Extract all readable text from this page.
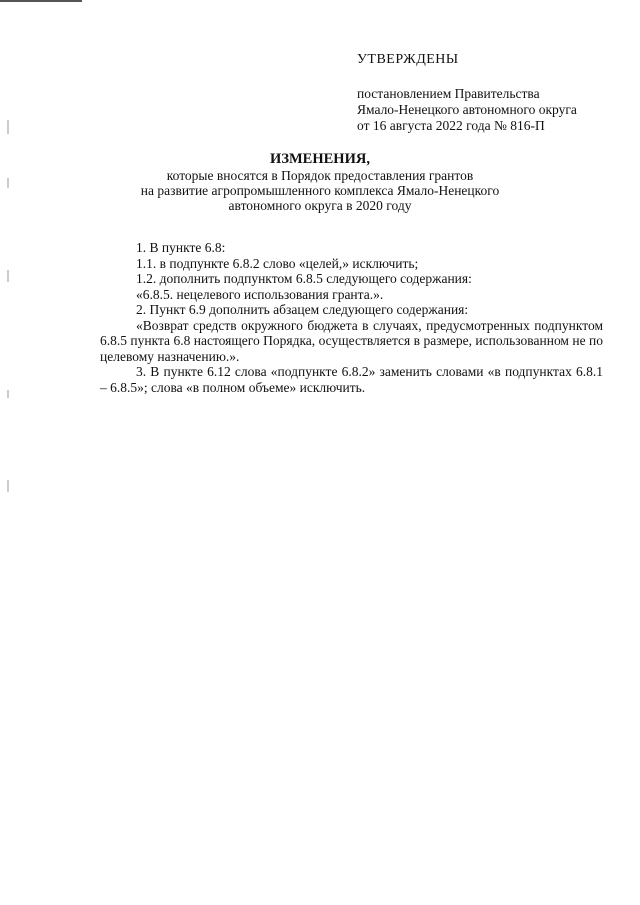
УТВЕРЖДЕНЫ
постановлением Правительства
Ямало-Ненецкого автономного округа
от 16 августа 2022 года № 816-П
ИЗМЕНЕНИЯ,
которые вносятся в Порядок предоставления грантов
на развитие агропромышленного комплекса Ямало-Ненецкого
автономного округа в 2020 году

1. В пункте 6.8:

1.1. в подпункте 6.8.2 слово «целей,» исключить;

1.2. дополнить подпунктом 6.8.5 следующего содержания:

«6.8.5. нецелевого использования гранта.».

2. Пункт 6.9 дополнить абзацем следующего содержания:

«Возврат средств окружного бюджета в случаях, предусмотренных подпунктом 6.8.5 пункта 6.8 настоящего Порядка, осуществляется в размере, использованном не по целевому назначению.».

3. В пункте 6.12 слова «подпункте 6.8.2» заменить словами «в подпунктах 6.8.1 – 6.8.5»; слова «в полном объеме» исключить.
